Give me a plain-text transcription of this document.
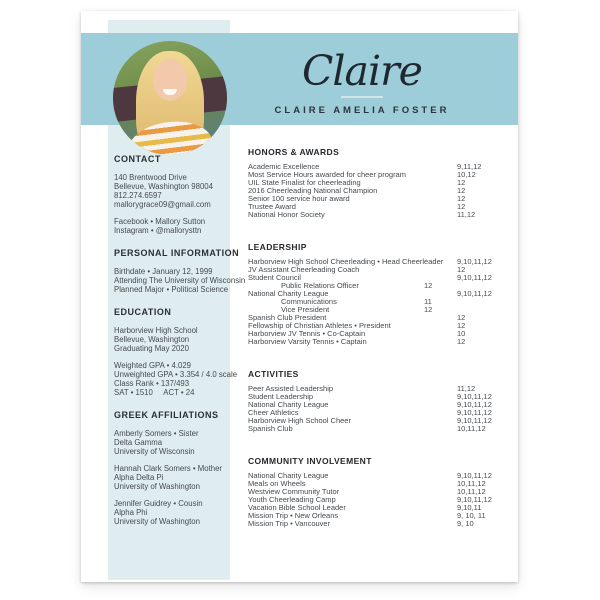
Claire
CLAIRE AMELIA FOSTER
CONTACT
140 Brentwood Drive
Bellevue, Washington 98004
812.274.6597
mallorygrace09@gmail.com
Facebook • Mallory Sutton
Instagram • @mallorysttn
PERSONAL INFORMATION
Birthdate • January 12, 1999
Attending The University of Wisconsin
Planned Major • Political Science
EDUCATION
Harborview High School
Bellevue, Washington
Graduating May 2020
Weighted GPA • 4.029
Unweighted GPA • 3.354 / 4.0 scale
Class Rank • 137/493
SAT • 1510     ACT • 24
GREEK AFFILIATIONS
Amberly Somers • Sister
Delta Gamma
University of Wisconsin
Hannah Clark Somers • Mother
Alpha Delta Pi
University of Washington
Jennifer Guidrey • Cousin
Alpha Phi
University of Washington
HONORS & AWARDS
Academic Excellence	9,11,12
Most Service Hours awarded for cheer program	10,12
UIL State Finalist for cheerleading	12
2016 Cheerleading National Champion	12
Senior 100 service hour award	12
Trustee Award	12
National Honor Society	11,12
LEADERSHIP
Harborview High School Cheerleading • Head Cheerleader	9,10,11,12
JV Assistant Cheerleading Coach	12
Student Council	9,10,11,12
Public Relations Officer	12
National Charity League	9,10,11,12
Communications	11
Vice President	12
Spanish Club President	12
Fellowship of Christian Athletes • President	12
Harborview JV Tennis • Co-Captain	10
Harborview Varsity Tennis • Captain	12
ACTIVITIES
Peer Assisted Leadership	11,12
Student Leadership	9,10,11,12
National Charity League	9,10,11,12
Cheer Athletics	9,10,11,12
Harborview High School Cheer	9,10,11,12
Spanish Club	10,11,12
COMMUNITY INVOLVEMENT
National Charity League	9,10,11,12
Meals on Wheels	10,11,12
Westview Community Tutor	10,11,12
Youth Cheerleading Camp	9,10,11,12
Vacation Bible School Leader	9,10,11
Mission Trip • New Orleans	9, 10, 11
Mission Trip • Vancouver	9, 10
